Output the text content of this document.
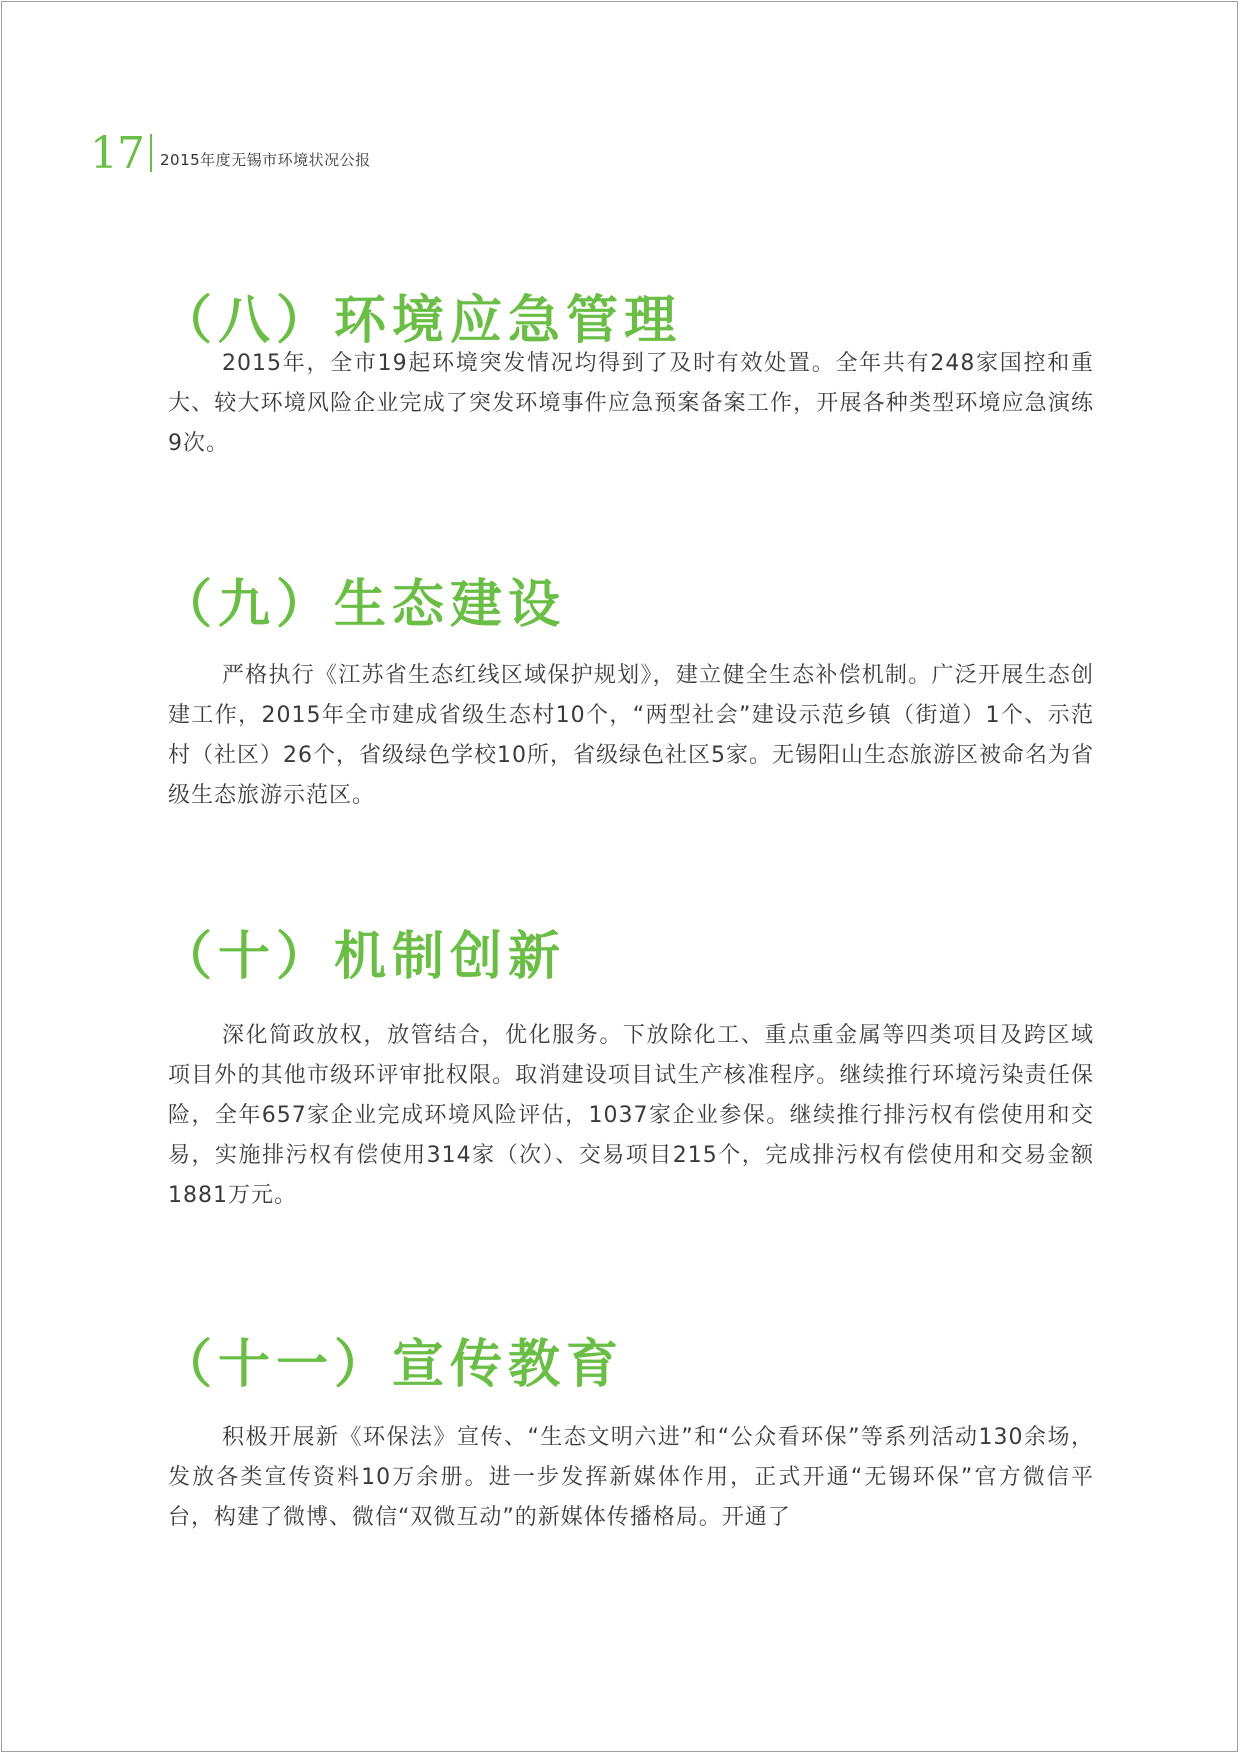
17 2015年度无锡市环境状况公报
（八）环境应急管理

2015年，全市19起环境突发情况均得到了及时有效处置。全年共有248家国控和重大、较大环境风险企业完成了突发环境事件应急预案备案工作，开展各种类型环境应急演练9次。

（九）生态建设

严格执行《江苏省生态红线区域保护规划》，建立健全生态补偿机制。广泛开展生态创建工作，2015年全市建成省级生态村10个，“两型社会”建设示范乡镇（街道）1个、示范村（社区）26个，省级绿色学校10所，省级绿色社区5家。无锡阳山生态旅游区被命名为省级生态旅游示范区。

（十）机制创新

深化简政放权，放管结合，优化服务。下放除化工、重点重金属等四类项目及跨区域项目外的其他市级环评审批权限。取消建设项目试生产核准程序。继续推行环境污染责任保险，全年657家企业完成环境风险评估，1037家企业参保。继续推行排污权有偿使用和交易，实施排污权有偿使用314家（次）、交易项目215个，完成排污权有偿使用和交易金额1881万元。

（十一）宣传教育

积极开展新《环保法》宣传、“生态文明六进”和“公众看环保”等系列活动130余场，发放各类宣传资料10万余册。进一步发挥新媒体作用，正式开通“无锡环保”官方微信平台，构建了微博、微信“双微互动”的新媒体传播格局。开通了
